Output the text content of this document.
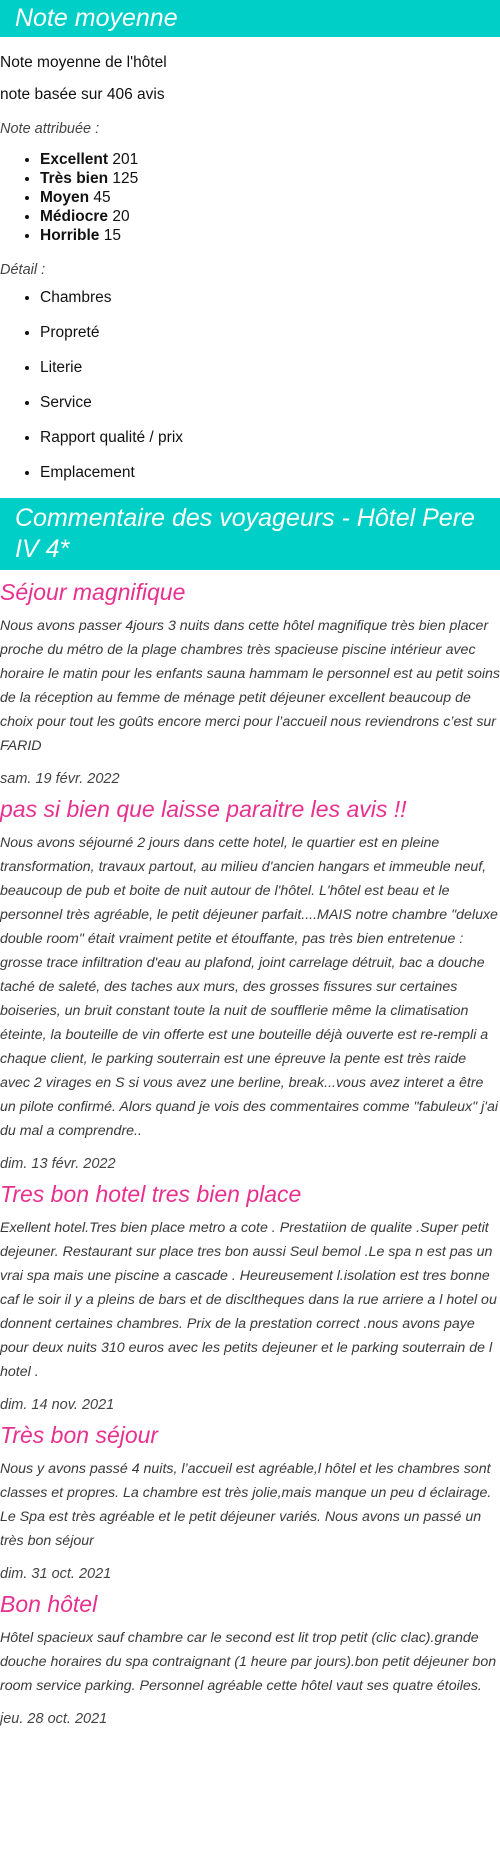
Note moyenne

Note moyenne de l'hôtel

note basée sur 406 avis

Note attribuée :

• Excellent 201
• Très bien 125
• Moyen 45
• Médiocre 20
• Horrible 15

Détail :

• Chambres
• Propreté
• Literie
• Service
• Rapport qualité / prix
• Emplacement
Commentaire des voyageurs - Hôtel Pere IV 4*
Séjour magnifique

Nous avons passer 4jours 3 nuits dans cette hôtel magnifique très bien placer proche du métro de la plage chambres très spacieuse piscine intérieur avec horaire le matin pour les enfants sauna hammam le personnel est au petit soins de la réception au femme de ménage petit déjeuner excellent beaucoup de choix pour tout les goûts encore merci pour l’accueil nous reviendrons c’est sur FARID

sam. 19 févr. 2022

pas si bien que laisse paraitre les avis !!

Nous avons séjourné 2 jours dans cette hotel, le quartier est en pleine transformation, travaux partout, au milieu d'ancien hangars et immeuble neuf, beaucoup de pub et boite de nuit autour de l'hôtel. L'hôtel est beau et le personnel très agréable, le petit déjeuner parfait....MAIS notre chambre "deluxe double room" était vraiment petite et étouffante, pas très bien entretenue : grosse trace infiltration d'eau au plafond, joint carrelage détruit, bac a douche taché de saleté, des taches aux murs, des grosses fissures sur certaines boiseries, un bruit constant toute la nuit de soufflerie même la climatisation éteinte, la bouteille de vin offerte est une bouteille déjà ouverte est re-rempli a chaque client, le parking souterrain est une épreuve la pente est très raide avec 2 virages en S si vous avez une berline, break...vous avez interet a être un pilote confirmé. Alors quand je vois des commentaires comme "fabuleux" j'ai du mal a comprendre..

dim. 13 févr. 2022

Tres bon hotel tres bien place

Exellent hotel.Tres bien place metro a cote . Prestatiion de qualite .Super petit dejeuner. Restaurant sur place tres bon aussi Seul bemol .Le spa n est pas un vrai spa mais une piscine a cascade . Heureusement l.isolation est tres bonne caf le soir il y a pleins de bars et de discltheques dans la rue arriere a l hotel ou donnent certaines chambres. Prix de la prestation correct .nous avons paye pour deux nuits 310 euros avec les petits dejeuner et le parking souterrain de l hotel .

dim. 14 nov. 2021

Très bon séjour

Nous y avons passé 4 nuits, l’accueil est agréable,l hôtel et les chambres sont classes et propres. La chambre est très jolie,mais manque un peu d éclairage. Le Spa est très agréable et le petit déjeuner variés. Nous avons un passé un très bon séjour

dim. 31 oct. 2021

Bon hôtel

Hôtel spacieux sauf chambre car le second est lit trop petit (clic clac).grande douche horaires du spa contraignant (1 heure par jours).bon petit déjeuner bon room service parking. Personnel agréable cette hôtel vaut ses quatre étoiles.

jeu. 28 oct. 2021
